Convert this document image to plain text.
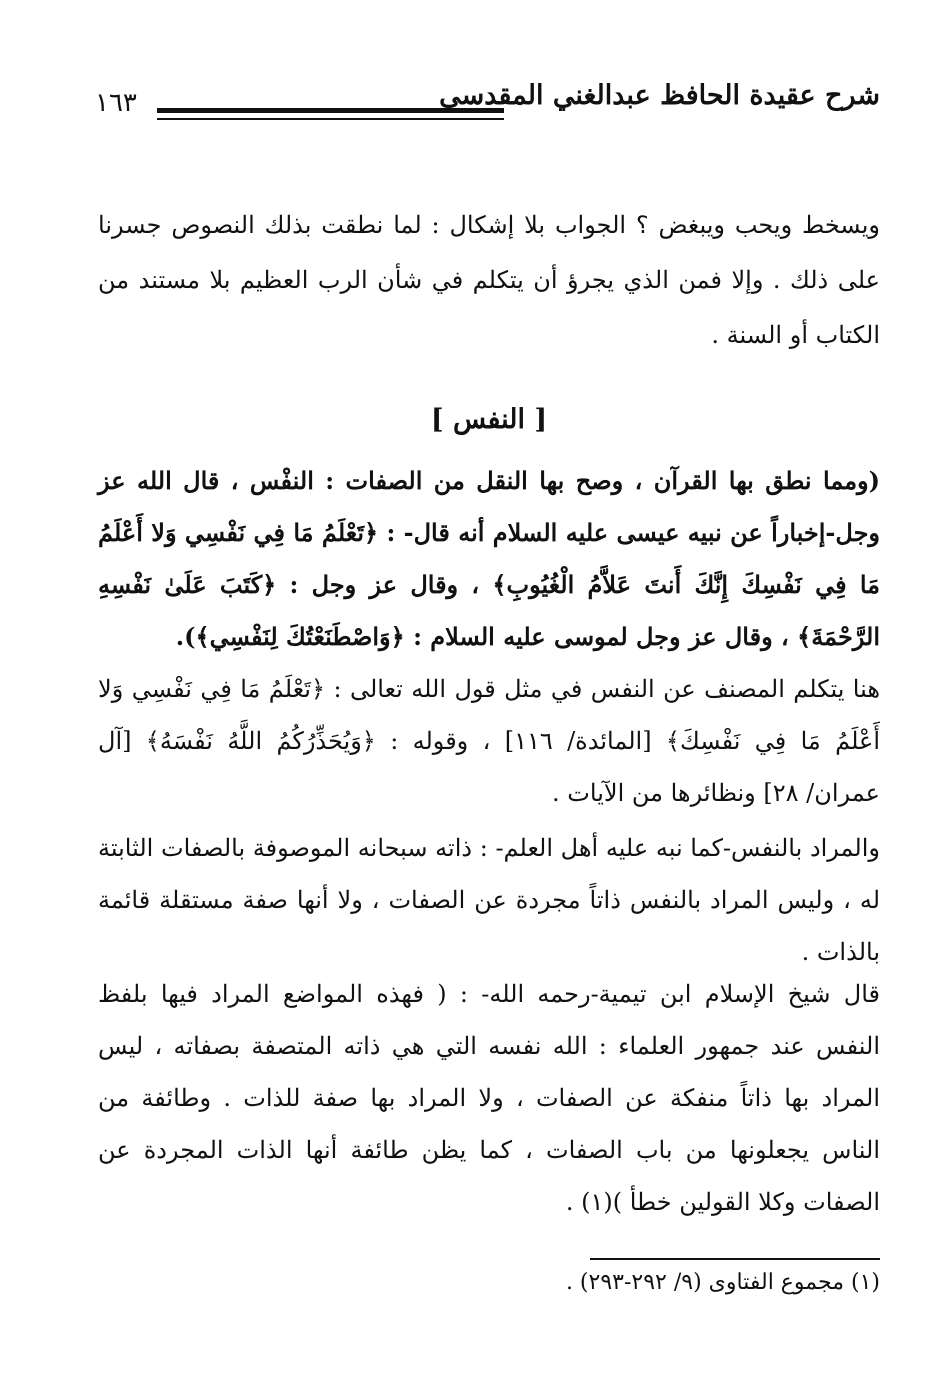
شرح عقيدة الحافظ عبدالغني المقدسي
١٦٣

ويسخط ويحب ويبغض ؟ الجواب بلا إشكال : لما نطقت بذلك النصوص جسرنا على ذلك . وإلا فمن الذي يجرؤ أن يتكلم في شأن الرب العظيم بلا مستند من الكتاب أو السنة .

[ النفس ]

(ومما نطق بها القرآن ، وصح بها النقل من الصفات : النفْس ، قال الله عز وجل-إخباراً عن نبيه عيسى عليه السلام أنه قال- : ﴿تَعْلَمُ مَا فِي نَفْسِي وَلا أَعْلَمُ مَا فِي نَفْسِكَ إِنَّكَ أَنتَ عَلاَّمُ الْغُيُوبِ﴾ ، وقال عز وجل : ﴿كَتَبَ عَلَىٰ نَفْسِهِ الرَّحْمَةَ﴾ ، وقال عز وجل لموسى عليه السلام : ﴿وَاصْطَنَعْتُكَ لِنَفْسِي﴾).

هنا يتكلم المصنف عن النفس في مثل قول الله تعالى : ﴿تَعْلَمُ مَا فِي نَفْسِي وَلا أَعْلَمُ مَا فِي نَفْسِكَ﴾ [المائدة/ ١١٦] ، وقوله : ﴿وَيُحَذِّرُكُمُ اللَّهُ نَفْسَهُ﴾ [آل عمران/ ٢٨] ونظائرها من الآيات .

والمراد بالنفس-كما نبه عليه أهل العلم- : ذاته سبحانه الموصوفة بالصفات الثابتة له ، وليس المراد بالنفس ذاتاً مجردة عن الصفات ، ولا أنها صفة مستقلة قائمة بالذات .

قال شيخ الإسلام ابن تيمية-رحمه الله- : ( فهذه المواضع المراد فيها بلفظ النفس عند جمهور العلماء : الله نفسه التي هي ذاته المتصفة بصفاته ، ليس المراد بها ذاتاً منفكة عن الصفات ، ولا المراد بها صفة للذات . وطائفة من الناس يجعلونها من باب الصفات ، كما يظن طائفة أنها الذات المجردة عن الصفات وكلا القولين خطأ )(١) .

(١) مجموع الفتاوى (٩/ ٢٩٢-٢٩٣) .
